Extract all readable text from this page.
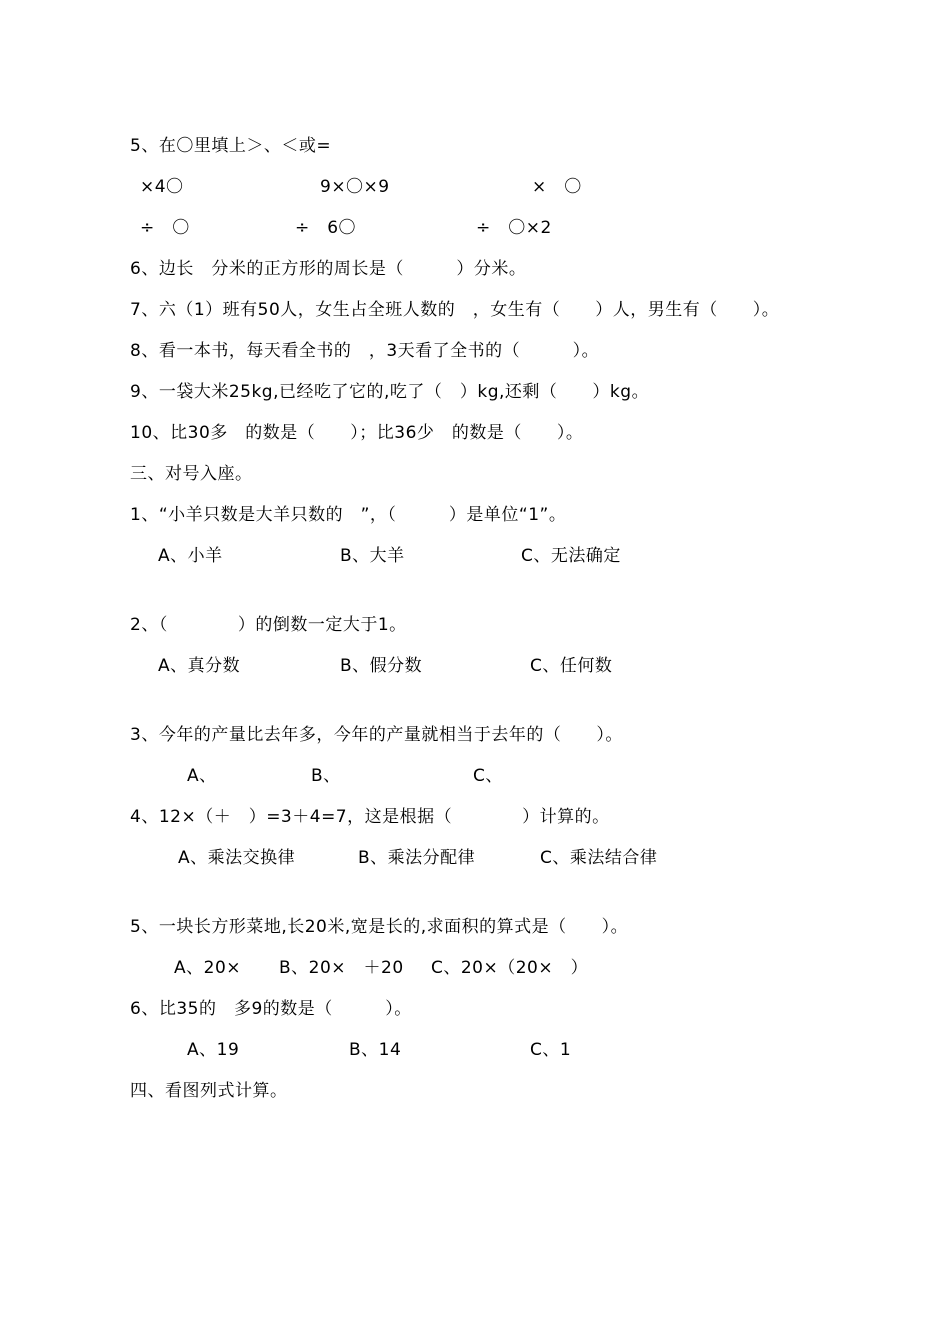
5、在〇里填上＞、＜或=
×4〇	9×〇×9	×　〇
÷　〇	÷　6〇	÷　〇×2
6、边长　分米的正方形的周长是（　　　）分米。
7、六（1）班有50人，女生占全班人数的　，女生有（　　）人，男生有（　　）。
8、看一本书，每天看全书的　，3天看了全书的（　　　）。
9、一袋大米25kg,已经吃了它的,吃了（　）kg,还剩（　　）kg。
10、比30多　的数是（　　）；比36少　的数是（　　）。
三、对号入座。
1、“小羊只数是大羊只数的　”，（　　　）是单位“1”。
A、小羊	B、大羊	C、无法确定
2、（　　　　）的倒数一定大于1。
A、真分数	B、假分数	C、任何数
3、今年的产量比去年多，今年的产量就相当于去年的（　　）。
A、	B、	C、
4、12×（＋　）=3＋4=7，这是根据（　　　　）计算的。
A、乘法交换律	B、乘法分配律	C、乘法结合律
5、一块长方形菜地,长20米,宽是长的,求面积的算式是（　　）。
A、20× B、20×　＋20 C、20×（20×　）
6、比35的　多9的数是（　　　）。
A、19	B、14	C、1
四、看图列式计算。
